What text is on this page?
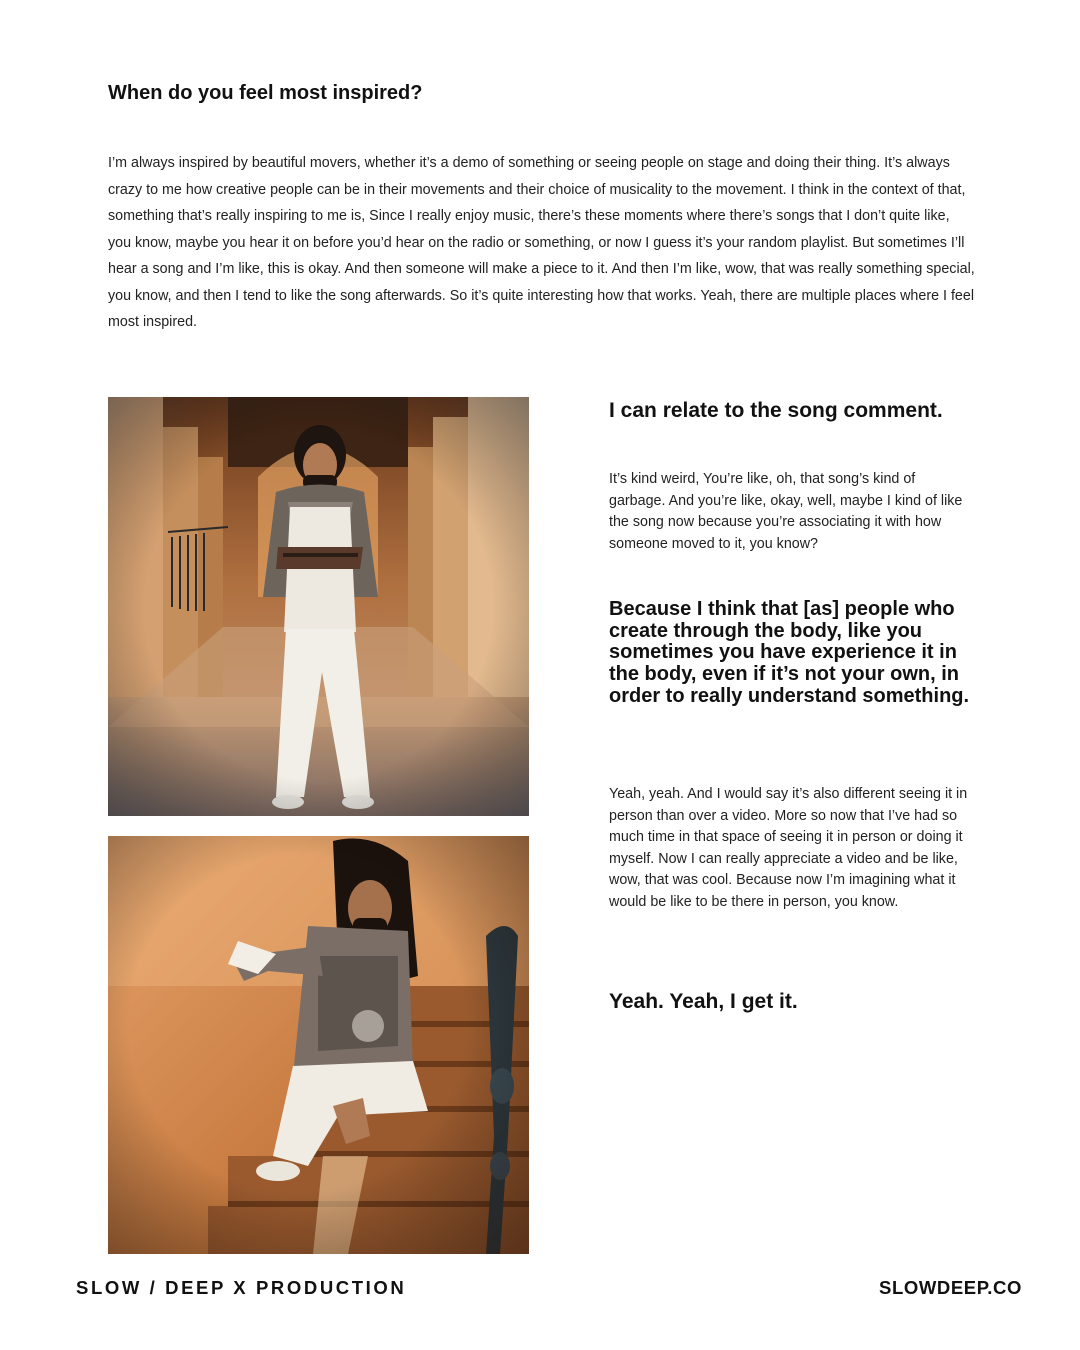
When do you feel most inspired?

I’m always inspired by beautiful movers, whether it’s a demo of something or seeing people on stage and doing their thing. It’s always crazy to me how creative people can be in their movements and their choice of musicality to the movement. I think in the context of that, something that’s really inspiring to me is, Since I really enjoy music, there’s these moments where there’s songs that I don’t quite like, you know, maybe you hear it on before you’d hear on the radio or something, or now I guess it’s your random playlist. But sometimes I’ll hear a song and I’m like, this is okay. And then someone will make a piece to it. And then I’m like, wow, that was really something special, you know, and then I tend to like the song afterwards. So it’s quite interesting how that works. Yeah, there are multiple places where I feel most inspired.

I can relate to the song comment.

It’s kind weird, You’re like, oh, that song’s kind of garbage. And you’re like, okay, well, maybe I kind of like the song now because you’re associating it with how someone moved to it, you know?

Because I think that [as] people who create through the body, like you sometimes you have experience it in the body, even if it’s not your own, in order to really understand something.

Yeah, yeah. And I would say it’s also different seeing it in person than over a video. More so now that I’ve had so much time in that space of seeing it in person or doing it myself. Now I can really appreciate a video and be like, wow, that was cool. Because now I’m imagining what it would be like to be there in person, you know.

Yeah. Yeah, I get it.

SLOW / DEEP X PRODUCTION	SLOWDEEP.CO
